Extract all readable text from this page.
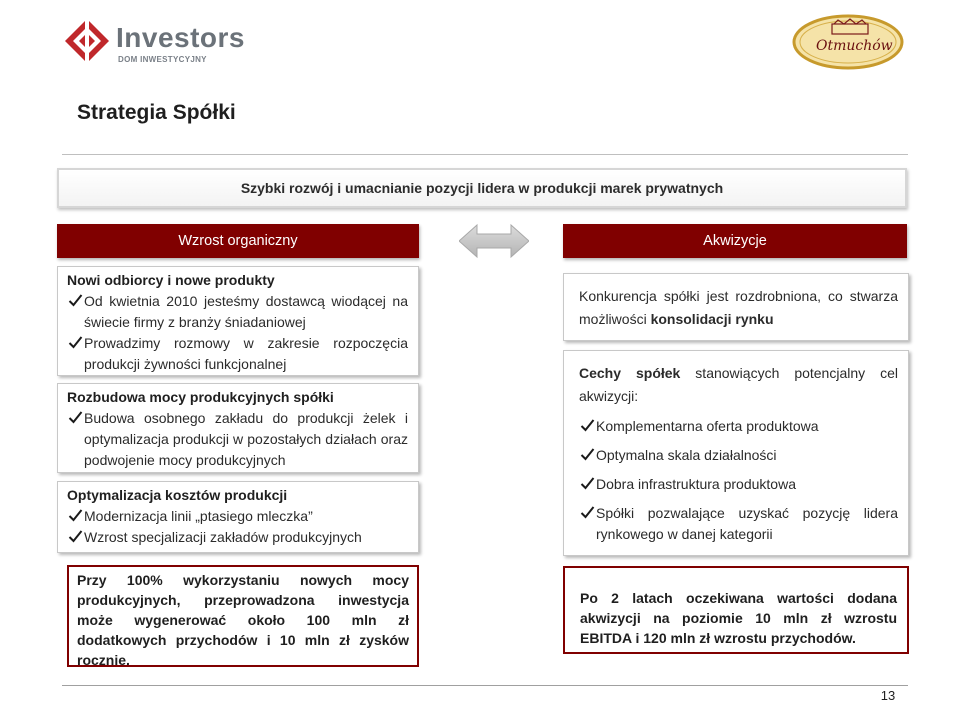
Investors
DOM INWESTYCYJNY
Otmuchów
Strategia Spółki
Szybki rozwój i umacnianie pozycji lidera w produkcji marek prywatnych
Wzrost organiczny	Akwizycje
Nowi odbiorcy i nowe produkty
Od kwietnia 2010 jesteśmy dostawcą wiodącej na świecie firmy z branży śniadaniowej
Prowadzimy rozmowy w zakresie rozpoczęcia produkcji żywności funkcjonalnej
Rozbudowa mocy produkcyjnych spółki
Budowa osobnego zakładu do produkcji żelek i optymalizacja produkcji w pozostałych działach oraz podwojenie mocy produkcyjnych
Optymalizacja kosztów produkcji
Modernizacja linii „ptasiego mleczka”
Wzrost specjalizacji zakładów produkcyjnych
Przy 100% wykorzystaniu nowych mocy produkcyjnych, przeprowadzona inwestycja może wygenerować około 100 mln zł dodatkowych przychodów i 10 mln zł zysków rocznie.
Konkurencja spółki jest rozdrobniona, co stwarza możliwości konsolidacji rynku
Cechy spółek stanowiących potencjalny cel akwizycji:
Komplementarna oferta produktowa
Optymalna skala działalności
Dobra infrastruktura produktowa
Spółki pozwalające uzyskać pozycję lidera rynkowego w danej kategorii
Po 2 latach oczekiwana wartości dodana akwizycji na poziomie 10 mln zł wzrostu EBITDA i 120 mln zł wzrostu przychodów.
13
